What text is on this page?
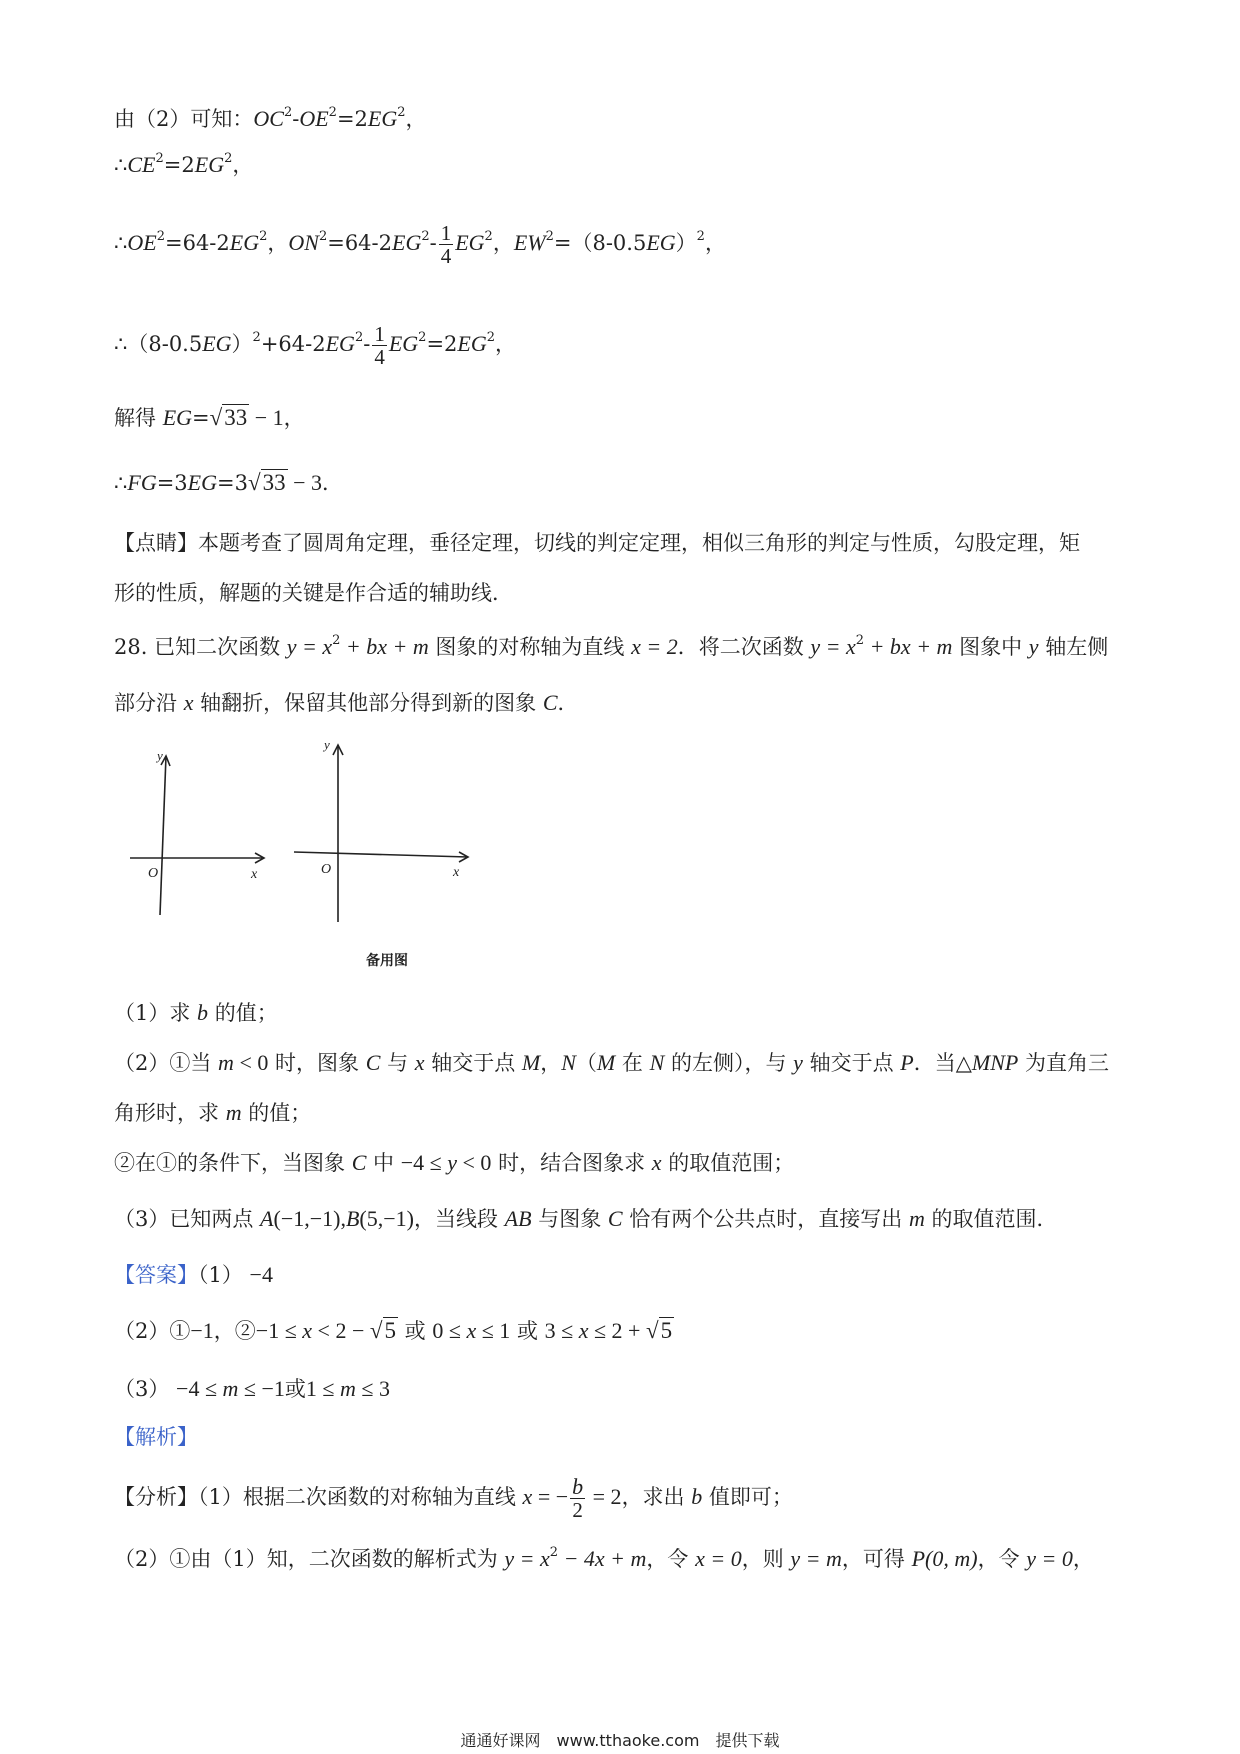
由（2）可知：$OC^2-OE^2=2EG^2$，
$\therefore CE^2=2EG^2$，
$\therefore OE^2=64-2EG^2$，$ON^2=64-2EG^2- \frac{1}{4} EG^2$，$EW^2=(8-0.5EG)^2$，
$\therefore(8-0.5EG)^2+64-2EG^2- \frac{1}{4} EG^2=2EG^2$，
解得 EG=√33 − 1，
∴FG=3EG=3√33 − 3．
【点睛】本题考查了圆周角定理，垂径定理，切线的判定定理，相似三角形的判定与性质，勾股定理，矩
形的性质，解题的关键是作合适的辅助线．
28. 已知二次函数 $y = x^2$ + bx + m 图象的对称轴为直线 x = 2．将二次函数 $y = x^2$ + bx + m 图象中 y 轴左侧
部分沿 x 轴翻折，保留其他部分得到新的图象 C．
y
O	x
y
O	x
备用图
（1）求 b 的值；
（2）①当 m < 0 时，图象 C 与 x 轴交于点 M，N（M 在 N 的左侧），与 y 轴交于点 P．当△MNP 为直角三
角形时，求 m 的值；
②在①的条件下，当图象 C 中 −4 ≤ y < 0 时，结合图象求 x 的取值范围；
（3）已知两点 A(−1,−1),B(5,−1)，当线段 AB 与图象 C 恰有两个公共点时，直接写出 m 的取值范围．
【答案】（1） −4
（2）①−1，②−1 ≤ x < 2 − √5 或 0 ≤ x ≤ 1 或 3 ≤ x ≤ 2 + √5
（3） −4 ≤ m ≤ −1或1 ≤ m ≤ 3
【解析】
【分析】（1）根据二次函数的对称轴为直线 x = − $\frac{b}{2} = 2$，求出 b 值即可；
（2）①由（1）知，二次函数的解析式为 $y = x^2 - 4x + m$，令 x = 0，则 y = m，可得 P(0, m)，令 y = 0，
通通好课网　www.tthaoke.com　提供下载
